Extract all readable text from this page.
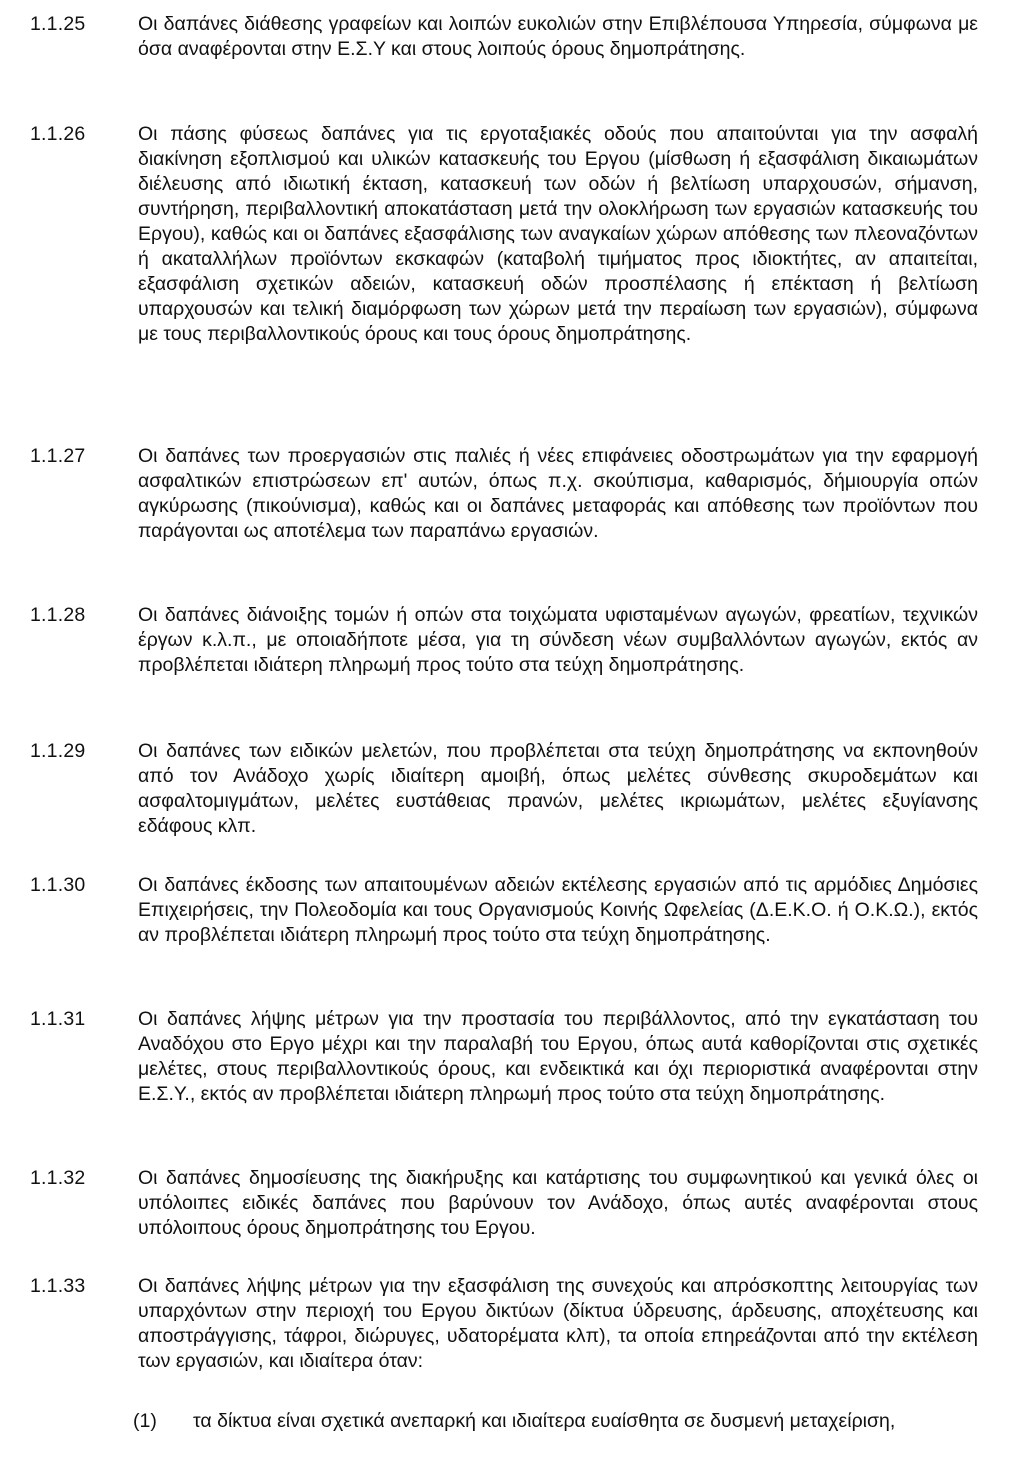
1.1.25	Οι δαπάνες διάθεσης γραφείων και λοιπών ευκολιών στην Επιβλέπουσα Υπηρεσία, σύμφωνα με όσα αναφέρονται στην Ε.Σ.Υ και στους λοιπούς όρους δημοπράτησης.
1.1.26	Οι πάσης φύσεως δαπάνες για τις εργοταξιακές οδούς που απαιτούνται για την ασφαλή διακίνηση εξοπλισμού και υλικών κατασκευής του Εργου (μίσθωση ή εξασφάλιση δικαιωμάτων διέλευσης από ιδιωτική έκταση, κατασκευή των οδών ή βελτίωση υπαρχουσών, σήμανση, συντήρηση, περιβαλλοντική αποκατάσταση μετά την ολοκλήρωση των εργασιών κατασκευής του Εργου), καθώς και οι δαπάνες εξασφάλισης των αναγκαίων χώρων απόθεσης των πλεοναζόντων ή ακαταλλήλων προϊόντων εκσκαφών (καταβολή τιμήματος προς ιδιοκτήτες, αν απαιτείται, εξασφάλιση σχετικών αδειών, κατασκευή οδών προσπέλασης ή επέκταση ή βελτίωση υπαρχουσών και τελική διαμόρφωση των χώρων μετά την περαίωση των εργασιών), σύμφωνα με τους περιβαλλοντικούς όρους και τους όρους δημοπράτησης.
1.1.27	Οι δαπάνες των προεργασιών στις παλιές ή νέες επιφάνειες οδοστρωμάτων για την εφαρμογή ασφαλτικών επιστρώσεων επ' αυτών, όπως π.χ. σκούπισμα, καθαρισμός, δήμιουργία οπών αγκύρωσης (πικούνισμα), καθώς και οι δαπάνες μεταφοράς και απόθεσης των προϊόντων που παράγονται ως αποτέλεμα των παραπάνω εργασιών.
1.1.28	Οι δαπάνες διάνοιξης τομών ή οπών στα τοιχώματα υφισταμένων αγωγών, φρεατίων, τεχνικών έργων κ.λ.π., με οποιαδήποτε μέσα, για τη σύνδεση νέων συμβαλλόντων αγωγών, εκτός αν προβλέπεται ιδιάτερη πληρωμή προς τούτο στα τεύχη δημοπράτησης.
1.1.29	Οι δαπάνες των ειδικών μελετών, που προβλέπεται στα τεύχη δημοπράτησης να εκπονηθούν από τον Ανάδοχο χωρίς ιδιαίτερη αμοιβή, όπως μελέτες σύνθεσης σκυροδεμάτων και ασφαλτομιγμάτων, μελέτες ευστάθειας πρανών, μελέτες ικριωμάτων, μελέτες εξυγίανσης εδάφους κλπ.
1.1.30	Οι δαπάνες έκδοσης των απαιτουμένων αδειών εκτέλεσης εργασιών από τις αρμόδιες Δημόσιες Επιχειρήσεις, την Πολεοδομία και τους Οργανισμούς Κοινής Ωφελείας (Δ.Ε.Κ.Ο. ή Ο.Κ.Ω.), εκτός αν προβλέπεται ιδιάτερη πληρωμή προς τούτο στα τεύχη δημοπράτησης.
1.1.31	Οι δαπάνες λήψης μέτρων για την προστασία του περιβάλλοντος, από την εγκατάσταση του Αναδόχου στο Εργο μέχρι και την παραλαβή του Εργου, όπως αυτά καθορίζονται στις σχετικές μελέτες, στους περιβαλλοντικούς όρους, και ενδεικτικά και όχι περιοριστικά αναφέρονται στην Ε.Σ.Υ., εκτός αν προβλέπεται ιδιάτερη πληρωμή προς τούτο στα τεύχη δημοπράτησης.
1.1.32	Οι δαπάνες δημοσίευσης της διακήρυξης και κατάρτισης του συμφωνητικού και γενικά όλες οι υπόλοιπες ειδικές δαπάνες που βαρύνουν τον Ανάδοχο, όπως αυτές αναφέρονται στους υπόλοιπους όρους δημοπράτησης του Εργου.
1.1.33	Οι δαπάνες λήψης μέτρων για την εξασφάλιση της συνεχούς και απρόσκοπτης λειτουργίας των υπαρχόντων στην περιοχή του Εργου δικτύων (δίκτυα ύδρευσης, άρδευσης, αποχέτευσης και αποστράγγισης, τάφροι, διώρυγες, υδατορέματα κλπ), τα οποία επηρεάζονται από την εκτέλεση των εργασιών, και ιδιαίτερα όταν:
(1) τα δίκτυα είναι σχετικά ανεπαρκή και ιδιαίτερα ευαίσθητα σε δυσμενή μεταχείριση,
